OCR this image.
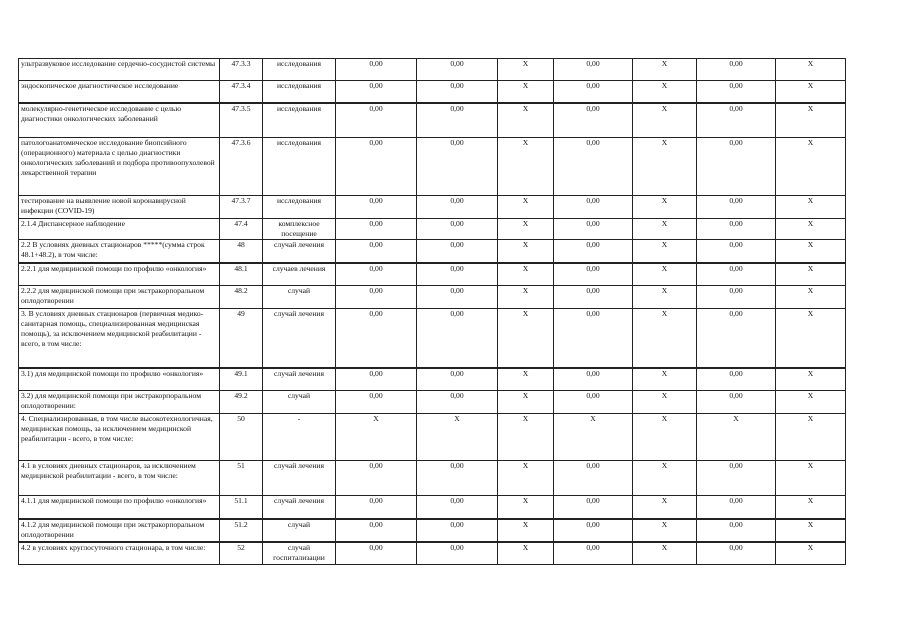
ультразвуковое исследование сердечно-сосудистой системы	47.3.3	исследования	0,00	0,00	X	0,00	X	0,00	X
эндоскопическое диагностическое исследование	47.3.4	исследования	0,00	0,00	X	0,00	X	0,00	X
молекулярно-генетическое исследование с целью диагностики онкологических заболеваний	47.3.5	исследования	0,00	0,00	X	0,00	X	0,00	X
патологоанатомическое исследование биопсийного (операционного) материала с целью диагностики онкологических заболеваний и подбора противоопухолевой лекарственной терапии	47.3.6	исследования	0,00	0,00	X	0,00	X	0,00	X
тестирование на выявление новой коронавирусной инфекции (COVID-19)	47.3.7	исследования	0,00	0,00	X	0,00	X	0,00	X
2.1.4 Диспансерное наблюдение	47.4	комплексное посещение	0,00	0,00	X	0,00	X	0,00	X
2.2 В условиях дневных стационаров *****(сумма строк 48.1+48.2), в том числе:	48	случай лечения	0,00	0,00	X	0,00	X	0,00	X
2.2.1 для медицинской помощи по профилю «онкология»	48.1	случаев лечения	0,00	0,00	X	0,00	X	0,00	X
2.2.2 для медицинской помощи при экстракорпоральном оплодотворении	48.2	случай	0,00	0,00	X	0,00	X	0,00	X
3. В условиях дневных стационаров (первичная медико-санитарная помощь, специализированная медицинская помощь), за исключением медицинской реабилитации - всего, в том числе:	49	случай лечения	0,00	0,00	X	0,00	X	0,00	X
3.1) для медицинской помощи по профилю «онкология»	49.1	случай лечения	0,00	0,00	X	0,00	X	0,00	X
3.2) для медицинской помощи при экстракорпоральном оплодотворении:	49.2	случай	0,00	0,00	X	0,00	X	0,00	X
4. Специализированная, в том числе высокотехнологичная, медицинская помощь, за исключением медицинской реабилитации - всего, в том числе:	50	-	X	X	X	X	X	X	X
4.1 в условиях дневных стационаров, за исключением медицинской реабилитации - всего, в том числе:	51	случай лечения	0,00	0,00	X	0,00	X	0,00	X
4.1.1 для медицинской помощи по профилю «онкология»	51.1	случай лечения	0,00	0,00	X	0,00	X	0,00	X
4.1.2 для медицинской помощи при экстракорпоральном оплодотворении	51.2	случай	0,00	0,00	X	0,00	X	0,00	X
4.2 в условиях круглосуточного стационара, в том числе:	52	случай госпитализации	0,00	0,00	X	0,00	X	0,00	X
